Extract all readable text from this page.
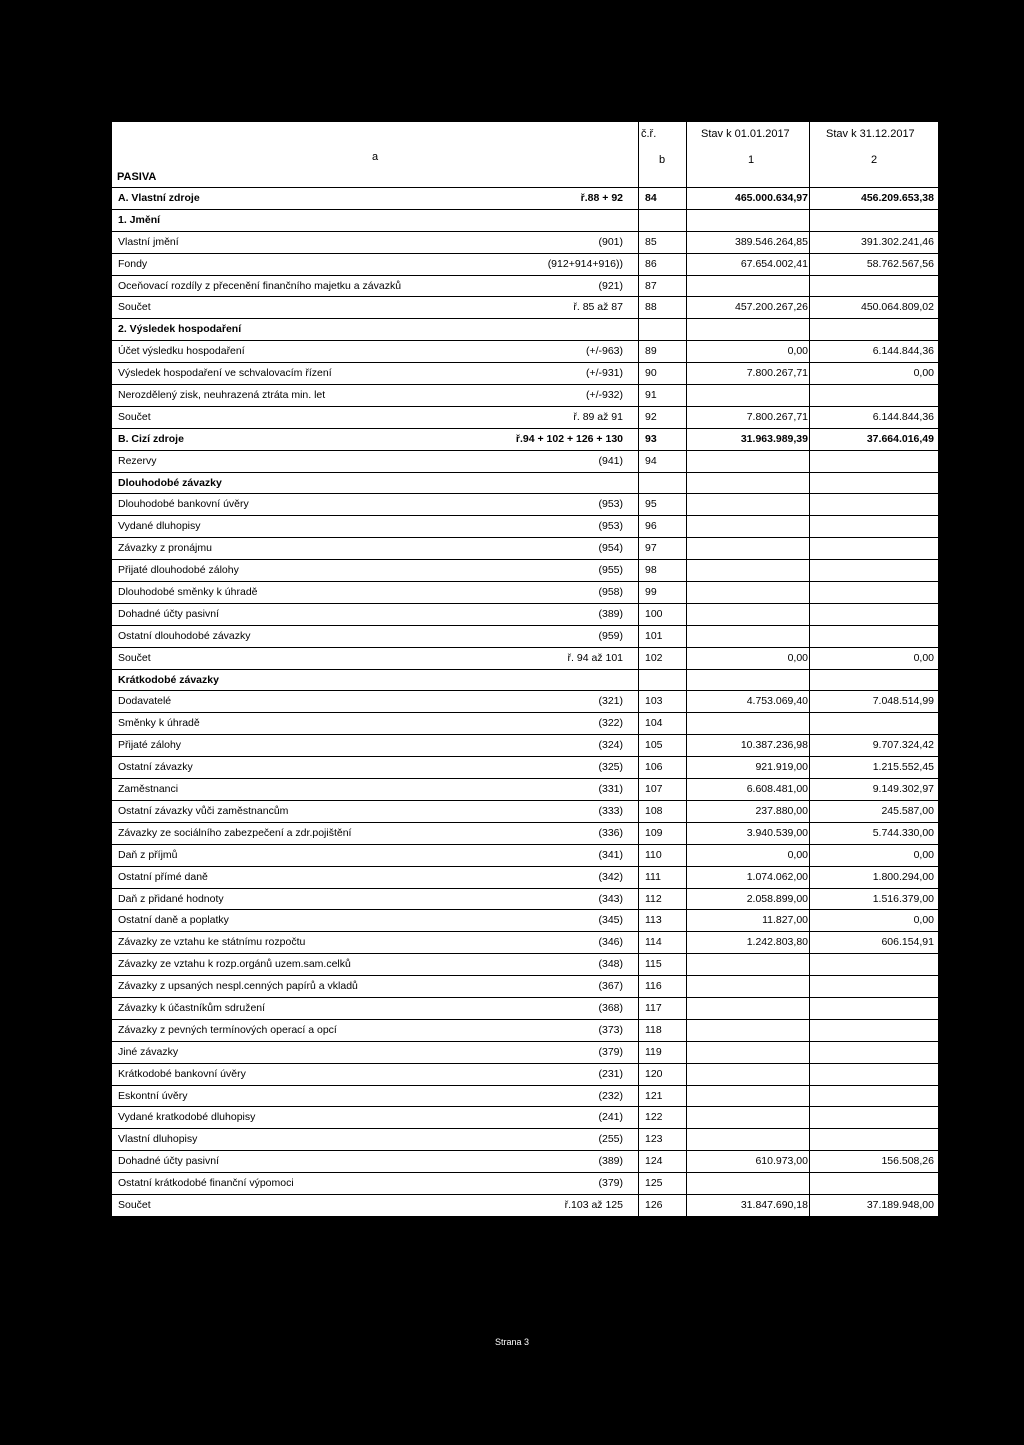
č.ř.	Stav k 01.01.2017	Stav k 31.12.2017
a	b	1	2
PASIVA
A. Vlastní zdroje	ř.88 + 92 84	465.000.634,97	456.209.653,38
1. Jmění
Vlastní jmění	(901) 85	389.546.264,85	391.302.241,46
Fondy	(912+914+916)) 86	67.654.002,41	58.762.567,56
Oceňovací rozdíly z přecenění finančního majetku a závazků	(921) 87
Součet	ř. 85 až 87 88	457.200.267,26	450.064.809,02
2. Výsledek hospodaření
Účet výsledku hospodaření	(+/-963) 89	0,00	6.144.844,36
Výsledek hospodaření ve schvalovacím řízení	(+/-931) 90	7.800.267,71	0,00
Nerozdělený zisk, neuhrazená ztráta min. let	(+/-932) 91
Součet	ř. 89 až 91 92	7.800.267,71	6.144.844,36
B. Cizí zdroje	ř.94 + 102 + 126 + 130 93	31.963.989,39	37.664.016,49
Rezervy	(941) 94
Dlouhodobé závazky
Dlouhodobé bankovní úvěry	(953) 95
Vydané dluhopisy	(953) 96
Závazky z pronájmu	(954) 97
Přijaté dlouhodobé zálohy	(955) 98
Dlouhodobé směnky k úhradě	(958) 99
Dohadné účty pasivní	(389) 100
Ostatní dlouhodobé závazky	(959) 101
Součet	ř. 94 až 101 102	0,00	0,00
Krátkodobé závazky
Dodavatelé	(321) 103	4.753.069,40	7.048.514,99
Směnky k úhradě	(322) 104
Přijaté zálohy	(324) 105	10.387.236,98	9.707.324,42
Ostatní závazky	(325) 106	921.919,00	1.215.552,45
Zaměstnanci	(331) 107	6.608.481,00	9.149.302,97
Ostatní závazky vůči zaměstnancům	(333) 108	237.880,00	245.587,00
Závazky ze sociálního zabezpečení a zdr.pojištění	(336) 109	3.940.539,00	5.744.330,00
Daň z příjmů	(341) 110	0,00	0,00
Ostatní přímé daně	(342) 111	1.074.062,00	1.800.294,00
Daň z přidané hodnoty	(343) 112	2.058.899,00	1.516.379,00
Ostatní daně a poplatky	(345) 113	11.827,00	0,00
Závazky ze vztahu ke státnímu rozpočtu	(346) 114	1.242.803,80	606.154,91
Závazky ze vztahu k rozp.orgánů uzem.sam.celků	(348) 115
Závazky z upsaných nespl.cenných papírů a vkladů	(367) 116
Závazky k účastníkům sdružení	(368) 117
Závazky z pevných termínových operací a opcí	(373) 118
Jiné závazky	(379) 119
Krátkodobé bankovní úvěry	(231) 120
Eskontní úvěry	(232) 121
Vydané kratkodobé dluhopisy	(241) 122
Vlastní dluhopisy	(255) 123
Dohadné účty pasivní	(389) 124	610.973,00	156.508,26
Ostatní krátkodobé finanční výpomoci	(379) 125
Součet	ř.103 až 125 126	31.847.690,18	37.189.948,00
Strana 3
